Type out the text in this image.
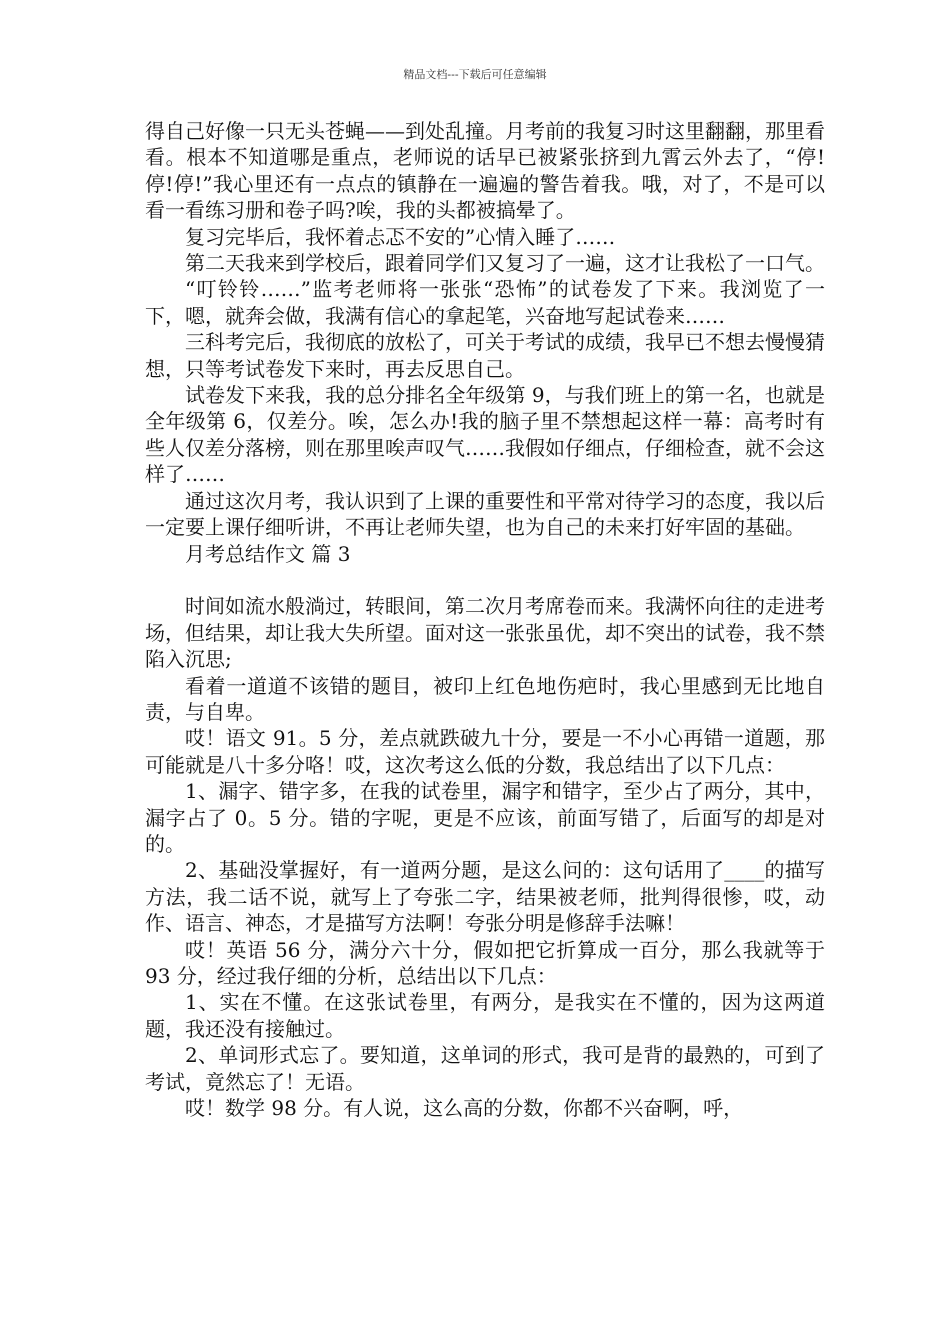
精品文档---下载后可任意编辑

得自己好像一只无头苍蝇——到处乱撞。月考前的我复习时这里翻翻，那里看看。根本不知道哪是重点，老师说的话早已被紧张挤到九霄云外去了，“停!停!停!”我心里还有一点点的镇静在一遍遍的警告着我。哦，对了，不是可以看一看练习册和卷子吗?唉，我的头都被搞晕了。

复习完毕后，我怀着忐忑不安的”心情入睡了……

第二天我来到学校后，跟着同学们又复习了一遍，这才让我松了一口气。

“叮铃铃……”监考老师将一张张“恐怖”的试卷发了下来。我浏览了一下，嗯，就奔会做，我满有信心的拿起笔，兴奋地写起试卷来……

三科考完后，我彻底的放松了，可关于考试的成绩，我早已不想去慢慢猜想，只等考试卷发下来时，再去反思自己。

试卷发下来我，我的总分排名全年级第 9，与我们班上的第一名，也就是全年级第 6，仅差分。唉，怎么办!我的脑子里不禁想起这样一幕：高考时有些人仅差分落榜，则在那里唉声叹气……我假如仔细点，仔细检查，就不会这样了……

通过这次月考，我认识到了上课的重要性和平常对待学习的态度，我以后一定要上课仔细听讲，不再让老师失望，也为自己的未来打好牢固的基础。

月考总结作文 篇 3

时间如流水般淌过，转眼间，第二次月考席卷而来。我满怀向往的走进考场，但结果，却让我大失所望。面对这一张张虽优，却不突出的试卷，我不禁陷入沉思;

看着一道道不该错的题目，被印上红色地伤疤时，我心里感到无比地自责，与自卑。

哎！语文 91。5 分，差点就跌破九十分，要是一不小心再错一道题，那可能就是八十多分咯！哎，这次考这么低的分数，我总结出了以下几点：

1、漏字、错字多，在我的试卷里，漏字和错字，至少占了两分，其中，漏字占了 0。5 分。错的字呢，更是不应该，前面写错了，后面写的却是对的。

2、基础没掌握好，有一道两分题，是这么问的：这句话用了____的描写方法，我二话不说，就写上了夸张二字，结果被老师，批判得很惨，哎，动作、语言、神态，才是描写方法啊！夸张分明是修辞手法嘛！

哎！英语 56 分，满分六十分，假如把它折算成一百分，那么我就等于 93 分，经过我仔细的分析，总结出以下几点：

1、实在不懂。在这张试卷里，有两分，是我实在不懂的，因为这两道题，我还没有接触过。

2、单词形式忘了。要知道，这单词的形式，我可是背的最熟的，可到了考试，竟然忘了！无语。

哎！数学 98 分。有人说，这么高的分数，你都不兴奋啊，呼，
